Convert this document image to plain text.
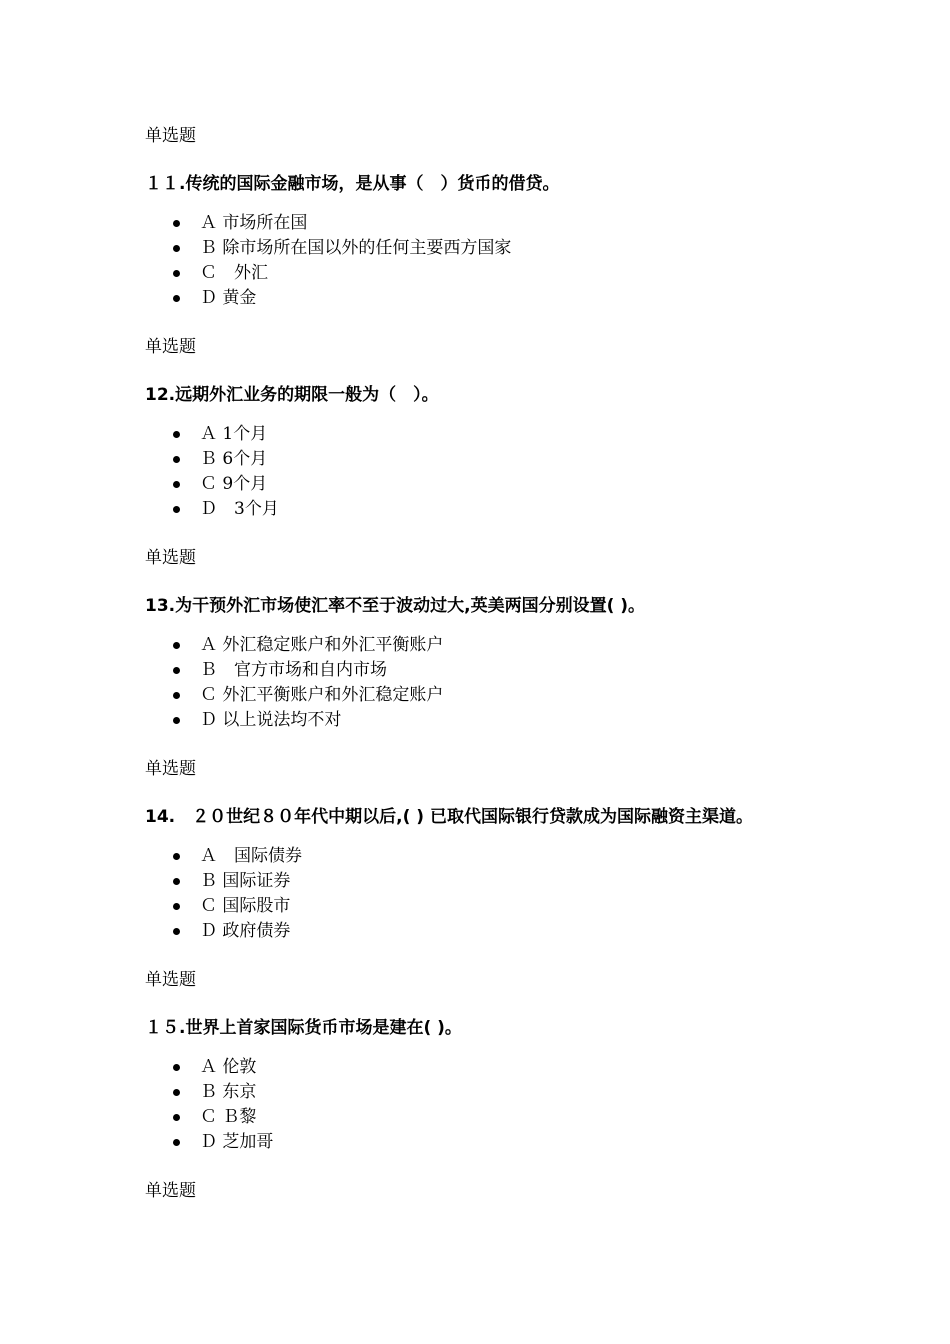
单选题
１１.传统的国际金融市场，是从事（　）货币的借贷。
Ａ 市场所在国
Ｂ 除市场所在国以外的任何主要西方国家
Ｃ　外汇
Ｄ 黄金
单选题
12.远期外汇业务的期限一般为（　）。
Ａ 1个月
Ｂ 6个月
Ｃ 9个月
Ｄ　3个月
单选题
13.为干预外汇市场使汇率不至于波动过大,英美两国分别设置( )。
Ａ 外汇稳定账户和外汇平衡账户
Ｂ　官方市场和自内市场
Ｃ 外汇平衡账户和外汇稳定账户
Ｄ 以上说法均不对
单选题
14.　２０世纪８０年代中期以后,( ) 已取代国际银行贷款成为国际融资主渠道。
Ａ　国际债券
Ｂ 国际证券
Ｃ 国际股市
Ｄ 政府债券
单选题
１５.世界上首家国际货币市场是建在( )。
Ａ 伦敦
Ｂ 东京
Ｃ Ｂ黎
Ｄ 芝加哥
单选题
